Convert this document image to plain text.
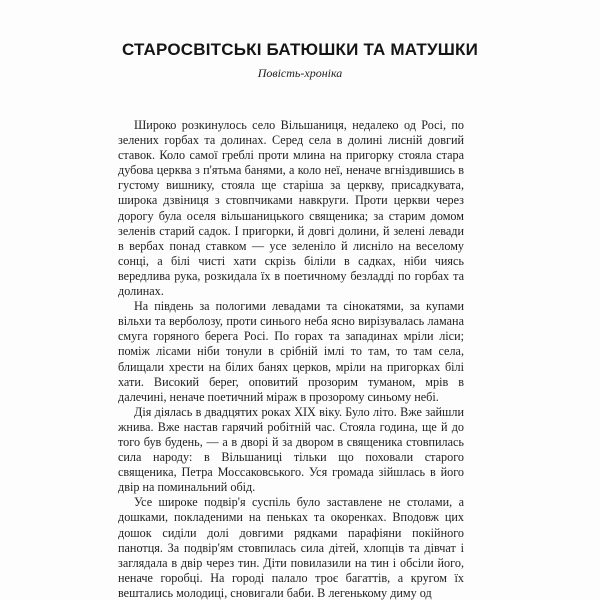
СТАРОСВІТСЬКІ БАТЮШКИ ТА МАТУШКИ
Повість-хроніка

Широко розкинулось село Вільшаниця, недалеко од Росі, по зелених горбах та долинах. Серед села в долині лисній довгий ставок. Коло самої греблі проти млина на пригорку стояла стара дубова церква з п'ятьма банями, а коло неї, неначе вгніздившись в густому вишнику, стояла ще старіша за церкву, присадкувата, широка дзвіниця з стовпчиками навкруги. Проти церкви через дорогу була оселя вільшаницького священика; за старим домом зеленів старий садок. І пригорки, й довгі долини, й зелені левади в вербах понад ставком — усе зеленіло й лисніло на веселому сонці, а білі чисті хати скрізь біліли в садках, ніби чиясь вередлива рука, розкидала їх в поетичному безладді по горбах та долинах.

На південь за пологими левадами та сінокатями, за купами вільхи та верболозу, проти синього неба ясно вирізувалась ламана смуга горяного берега Росі. По горах та западинах мріли ліси; поміж лісами ніби тонули в срібній імлі то там, то там села, блищали хрести на білих банях церков, мріли на пригорках білі хати. Високий берег, оповитий прозорим туманом, мрів в далечині, неначе поетичний міраж в прозорому синьому небі.

Дія діялась в двадцятих роках XIX віку. Було літо. Вже зайшли жнива. Вже настав гарячий робітній час. Стояла година, ще й до того був будень, — а в дворі й за двором в священика стовпилась сила народу: в Вільшаниці тільки що поховали старого священика, Петра Моссаковського. Уся громада зійшлась в його двір на поминальний обід.

Усе широке подвір'я суспіль було заставлене не столами, а дошками, покладеними на пеньках та окоренках. Вподовж цих дошок сиділи долі довгими рядками парафіяни покійного панотця. За подвір'ям стовпилась сила дітей, хлопців та дівчат і заглядала в двір через тин. Діти повилазили на тин і обсіли його, неначе горобці. На городі палало троє багаттів, а кругом їх вештались молодиці, сновигали баби. В легенькому диму од
